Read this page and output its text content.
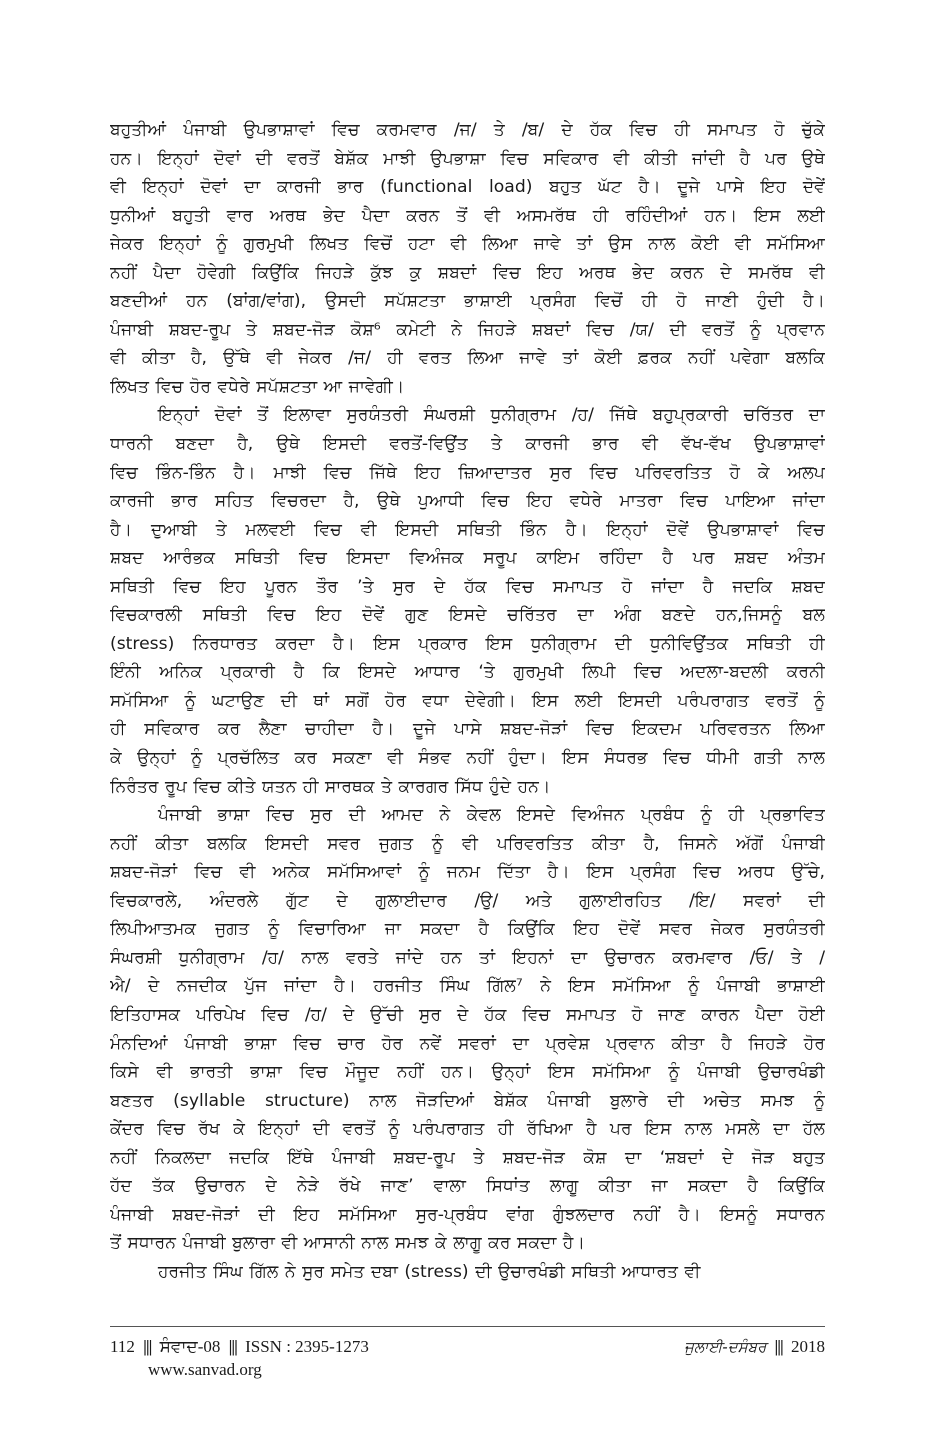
ਬਹੁਤੀਆਂ ਪੰਜਾਬੀ ਉਪਭਾਸ਼ਾਵਾਂ ਵਿਚ ਕਰਮਵਾਰ /ਜ/ ਤੇ /ਬ/ ਦੇ ਹੱਕ ਵਿਚ ਹੀ ਸਮਾਪਤ ਹੋ ਚੁੱਕੇ
ਹਨ। ਇਨ੍ਹਾਂ ਦੋਵਾਂ ਦੀ ਵਰਤੋਂ ਬੇਸ਼ੱਕ ਮਾਝੀ ਉਪਭਾਸ਼ਾ ਵਿਚ ਸਵਿਕਾਰ ਵੀ ਕੀਤੀ ਜਾਂਦੀ ਹੈ ਪਰ ਉਥੇ
ਵੀ ਇਨ੍ਹਾਂ ਦੋਵਾਂ ਦਾ ਕਾਰਜੀ ਭਾਰ (functional load) ਬਹੁਤ ਘੱਟ ਹੈ। ਦੂਜੇ ਪਾਸੇ ਇਹ ਦੋਵੇਂ
ਧੁਨੀਆਂ ਬਹੁਤੀ ਵਾਰ ਅਰਥ ਭੇਦ ਪੈਦਾ ਕਰਨ ਤੋਂ ਵੀ ਅਸਮਰੱਥ ਹੀ ਰਹਿੰਦੀਆਂ ਹਨ। ਇਸ ਲਈ
ਜੇਕਰ ਇਨ੍ਹਾਂ ਨੂੰ ਗੁਰਮੁਖੀ ਲਿਖਤ ਵਿਚੋਂ ਹਟਾ ਵੀ ਲਿਆ ਜਾਵੇ ਤਾਂ ਉਸ ਨਾਲ ਕੋਈ ਵੀ ਸਮੱਸਿਆ
ਨਹੀਂ ਪੈਦਾ ਹੋਵੇਗੀ ਕਿਉਂਕਿ ਜਿਹੜੇ ਕੁੱਝ ਕੁ ਸ਼ਬਦਾਂ ਵਿਚ ਇਹ ਅਰਥ ਭੇਦ ਕਰਨ ਦੇ ਸਮਰੱਥ ਵੀ
ਬਣਦੀਆਂ ਹਨ (ਬਾਂਗ/ਵਾਂਗ), ਉਸਦੀ ਸਪੱਸ਼ਟਤਾ ਭਾਸ਼ਾਈ ਪ੍ਰਸੰਗ ਵਿਚੋਂ ਹੀ ਹੋ ਜਾਣੀ ਹੁੰਦੀ ਹੈ।
ਪੰਜਾਬੀ ਸ਼ਬਦ-ਰੂਪ ਤੇ ਸ਼ਬਦ-ਜੋੜ ਕੋਸ਼⁶ ਕਮੇਟੀ ਨੇ ਜਿਹੜੇ ਸ਼ਬਦਾਂ ਵਿਚ /ਯ/ ਦੀ ਵਰਤੋਂ ਨੂੰ ਪ੍ਰਵਾਨ
ਵੀ ਕੀਤਾ ਹੈ, ਉੱਥੇ ਵੀ ਜੇਕਰ /ਜ/ ਹੀ ਵਰਤ ਲਿਆ ਜਾਵੇ ਤਾਂ ਕੋਈ ਫ਼ਰਕ ਨਹੀਂ ਪਵੇਗਾ ਬਲਕਿ
ਲਿਖਤ ਵਿਚ ਹੋਰ ਵਧੇਰੇ ਸਪੱਸ਼ਟਤਾ ਆ ਜਾਵੇਗੀ।
ਇਨ੍ਹਾਂ ਦੋਵਾਂ ਤੋਂ ਇਲਾਵਾ ਸੁਰਯੰਤਰੀ ਸੰਘਰਸ਼ੀ ਧੁਨੀਗ੍ਰਾਮ /ਹ/ ਜਿੱਥੇ ਬਹੁਪ੍ਰਕਾਰੀ ਚਰਿੱਤਰ ਦਾ
ਧਾਰਨੀ ਬਣਦਾ ਹੈ, ਉਥੇ ਇਸਦੀ ਵਰਤੋਂ-ਵਿਉਂਤ ਤੇ ਕਾਰਜੀ ਭਾਰ ਵੀ ਵੱਖ-ਵੱਖ ਉਪਭਾਸ਼ਾਵਾਂ
ਵਿਚ ਭਿੰਨ-ਭਿੰਨ ਹੈ। ਮਾਝੀ ਵਿਚ ਜਿੱਥੇ ਇਹ ਜ਼ਿਆਦਾਤਰ ਸੁਰ ਵਿਚ ਪਰਿਵਰਤਿਤ ਹੋ ਕੇ ਅਲਪ
ਕਾਰਜੀ ਭਾਰ ਸਹਿਤ ਵਿਚਰਦਾ ਹੈ, ਉਥੇ ਪੁਆਧੀ ਵਿਚ ਇਹ ਵਧੇਰੇ ਮਾਤਰਾ ਵਿਚ ਪਾਇਆ ਜਾਂਦਾ
ਹੈ। ਦੁਆਬੀ ਤੇ ਮਲਵਈ ਵਿਚ ਵੀ ਇਸਦੀ ਸਥਿਤੀ ਭਿੰਨ ਹੈ। ਇਨ੍ਹਾਂ ਦੋਵੇਂ ਉਪਭਾਸ਼ਾਵਾਂ ਵਿਚ
ਸ਼ਬਦ ਆਰੰਭਕ ਸਥਿਤੀ ਵਿਚ ਇਸਦਾ ਵਿਅੰਜਕ ਸਰੂਪ ਕਾਇਮ ਰਹਿੰਦਾ ਹੈ ਪਰ ਸ਼ਬਦ ਅੰਤਮ
ਸਥਿਤੀ ਵਿਚ ਇਹ ਪੂਰਨ ਤੌਰ ’ਤੇ ਸੁਰ ਦੇ ਹੱਕ ਵਿਚ ਸਮਾਪਤ ਹੋ ਜਾਂਦਾ ਹੈ ਜਦਕਿ ਸ਼ਬਦ
ਵਿਚਕਾਰਲੀ ਸਥਿਤੀ ਵਿਚ ਇਹ ਦੋਵੇਂ ਗੁਣ ਇਸਦੇ ਚਰਿੱਤਰ ਦਾ ਅੰਗ ਬਣਦੇ ਹਨ,ਜਿਸਨੂੰ ਬਲ
(stress) ਨਿਰਧਾਰਤ ਕਰਦਾ ਹੈ। ਇਸ ਪ੍ਰਕਾਰ ਇਸ ਧੁਨੀਗ੍ਰਾਮ ਦੀ ਧੁਨੀਵਿਉਂਤਕ ਸਥਿਤੀ ਹੀ
ਇੰਨੀ ਅਨਿਕ ਪ੍ਰਕਾਰੀ ਹੈ ਕਿ ਇਸਦੇ ਆਧਾਰ ‘ਤੇ ਗੁਰਮੁਖੀ ਲਿਪੀ ਵਿਚ ਅਦਲਾ-ਬਦਲੀ ਕਰਨੀ
ਸਮੱਸਿਆ ਨੂੰ ਘਟਾਉਣ ਦੀ ਥਾਂ ਸਗੋਂ ਹੋਰ ਵਧਾ ਦੇਵੇਗੀ। ਇਸ ਲਈ ਇਸਦੀ ਪਰੰਪਰਾਗਤ ਵਰਤੋਂ ਨੂੰ
ਹੀ ਸਵਿਕਾਰ ਕਰ ਲੈਣਾ ਚਾਹੀਦਾ ਹੈ। ਦੂਜੇ ਪਾਸੇ ਸ਼ਬਦ-ਜੋੜਾਂ ਵਿਚ ਇਕਦਮ ਪਰਿਵਰਤਨ ਲਿਆ
ਕੇ ਉਨ੍ਹਾਂ ਨੂੰ ਪ੍ਰਚੱਲਿਤ ਕਰ ਸਕਣਾ ਵੀ ਸੰਭਵ ਨਹੀਂ ਹੁੰਦਾ। ਇਸ ਸੰਧਰਭ ਵਿਚ ਧੀਮੀ ਗਤੀ ਨਾਲ
ਨਿਰੰਤਰ ਰੂਪ ਵਿਚ ਕੀਤੇ ਯਤਨ ਹੀ ਸਾਰਥਕ ਤੇ ਕਾਰਗਰ ਸਿੱਧ ਹੁੰਦੇ ਹਨ।
ਪੰਜਾਬੀ ਭਾਸ਼ਾ ਵਿਚ ਸੁਰ ਦੀ ਆਮਦ ਨੇ ਕੇਵਲ ਇਸਦੇ ਵਿਅੰਜਨ ਪ੍ਰਬੰਧ ਨੂੰ ਹੀ ਪ੍ਰਭਾਵਿਤ
ਨਹੀਂ ਕੀਤਾ ਬਲਕਿ ਇਸਦੀ ਸਵਰ ਜੁਗਤ ਨੂੰ ਵੀ ਪਰਿਵਰਤਿਤ ਕੀਤਾ ਹੈ, ਜਿਸਨੇ ਅੱਗੋਂ ਪੰਜਾਬੀ
ਸ਼ਬਦ-ਜੋੜਾਂ ਵਿਚ ਵੀ ਅਨੇਕ ਸਮੱਸਿਆਵਾਂ ਨੂੰ ਜਨਮ ਦਿੱਤਾ ਹੈ। ਇਸ ਪ੍ਰਸੰਗ ਵਿਚ ਅਰਧ ਉੱਚੇ,
ਵਿਚਕਾਰਲੇ, ਅੰਦਰਲੇ ਗੁੱਟ ਦੇ ਗੁਲਾਈਦਾਰ /ਉ/ ਅਤੇ ਗੁਲਾਈਰਹਿਤ /ਇ/ ਸਵਰਾਂ ਦੀ
ਲਿਪੀਆਤਮਕ ਜੁਗਤ ਨੂੰ ਵਿਚਾਰਿਆ ਜਾ ਸਕਦਾ ਹੈ ਕਿਉਂਕਿ ਇਹ ਦੋਵੇਂ ਸਵਰ ਜੇਕਰ ਸੁਰਯੰਤਰੀ
ਸੰਘਰਸ਼ੀ ਧੁਨੀਗ੍ਰਾਮ /ਹ/ ਨਾਲ ਵਰਤੇ ਜਾਂਦੇ ਹਨ ਤਾਂ ਇਹਨਾਂ ਦਾ ਉਚਾਰਨ ਕਰਮਵਾਰ /ਓ/ ਤੇ /
ਐ/ ਦੇ ਨਜਦੀਕ ਪੁੱਜ ਜਾਂਦਾ ਹੈ। ਹਰਜੀਤ ਸਿੰਘ ਗਿੱਲ⁷ ਨੇ ਇਸ ਸਮੱਸਿਆ ਨੂੰ ਪੰਜਾਬੀ ਭਾਸ਼ਾਈ
ਇਤਿਹਾਸਕ ਪਰਿਪੇਖ ਵਿਚ /ਹ/ ਦੇ ਉੱਚੀ ਸੁਰ ਦੇ ਹੱਕ ਵਿਚ ਸਮਾਪਤ ਹੋ ਜਾਣ ਕਾਰਨ ਪੈਦਾ ਹੋਈ
ਮੰਨਦਿਆਂ ਪੰਜਾਬੀ ਭਾਸ਼ਾ ਵਿਚ ਚਾਰ ਹੋਰ ਨਵੇਂ ਸਵਰਾਂ ਦਾ ਪ੍ਰਵੇਸ਼ ਪ੍ਰਵਾਨ ਕੀਤਾ ਹੈ ਜਿਹੜੇ ਹੋਰ
ਕਿਸੇ ਵੀ ਭਾਰਤੀ ਭਾਸ਼ਾ ਵਿਚ ਮੌਜੂਦ ਨਹੀਂ ਹਨ। ਉਨ੍ਹਾਂ ਇਸ ਸਮੱਸਿਆ ਨੂੰ ਪੰਜਾਬੀ ਉਚਾਰਖੰਡੀ
ਬਣਤਰ (syllable structure) ਨਾਲ ਜੋੜਦਿਆਂ ਬੇਸ਼ੱਕ ਪੰਜਾਬੀ ਬੁਲਾਰੇ ਦੀ ਅਚੇਤ ਸਮਝ ਨੂੰ
ਕੇਂਦਰ ਵਿਚ ਰੱਖ ਕੇ ਇਨ੍ਹਾਂ ਦੀ ਵਰਤੋਂ ਨੂੰ ਪਰੰਪਰਾਗਤ ਹੀ ਰੱਖਿਆ ਹੈ ਪਰ ਇਸ ਨਾਲ ਮਸਲੇ ਦਾ ਹੱਲ
ਨਹੀਂ ਨਿਕਲਦਾ ਜਦਕਿ ਇੱਥੇ ਪੰਜਾਬੀ ਸ਼ਬਦ-ਰੂਪ ਤੇ ਸ਼ਬਦ-ਜੋੜ ਕੋਸ਼ ਦਾ ‘ਸ਼ਬਦਾਂ ਦੇ ਜੋੜ ਬਹੁਤ
ਹੱਦ ਤੱਕ ਉਚਾਰਨ ਦੇ ਨੇੜੇ ਰੱਖੇ ਜਾਣ’ ਵਾਲਾ ਸਿਧਾਂਤ ਲਾਗੂ ਕੀਤਾ ਜਾ ਸਕਦਾ ਹੈ ਕਿਉਂਕਿ
ਪੰਜਾਬੀ ਸ਼ਬਦ-ਜੋੜਾਂ ਦੀ ਇਹ ਸਮੱਸਿਆ ਸੁਰ-ਪ੍ਰਬੰਧ ਵਾਂਗ ਗੁੰਝਲਦਾਰ ਨਹੀਂ ਹੈ। ਇਸਨੂੰ ਸਧਾਰਨ
ਤੋਂ ਸਧਾਰਨ ਪੰਜਾਬੀ ਬੁਲਾਰਾ ਵੀ ਆਸਾਨੀ ਨਾਲ ਸਮਝ ਕੇ ਲਾਗੂ ਕਰ ਸਕਦਾ ਹੈ।
ਹਰਜੀਤ ਸਿੰਘ ਗਿੱਲ ਨੇ ਸੁਰ ਸਮੇਤ ਦਬਾ (stress) ਦੀ ਉਚਾਰਖੰਡੀ ਸਥਿਤੀ ਆਧਾਰਤ ਵੀ
112 ||| ਸੰਵਾਦ-08 ||| ISSN : 2395-1273	ਜੁਲਾਈ-ਦਸੰਬਰ ||| 2018
www.sanvad.org
